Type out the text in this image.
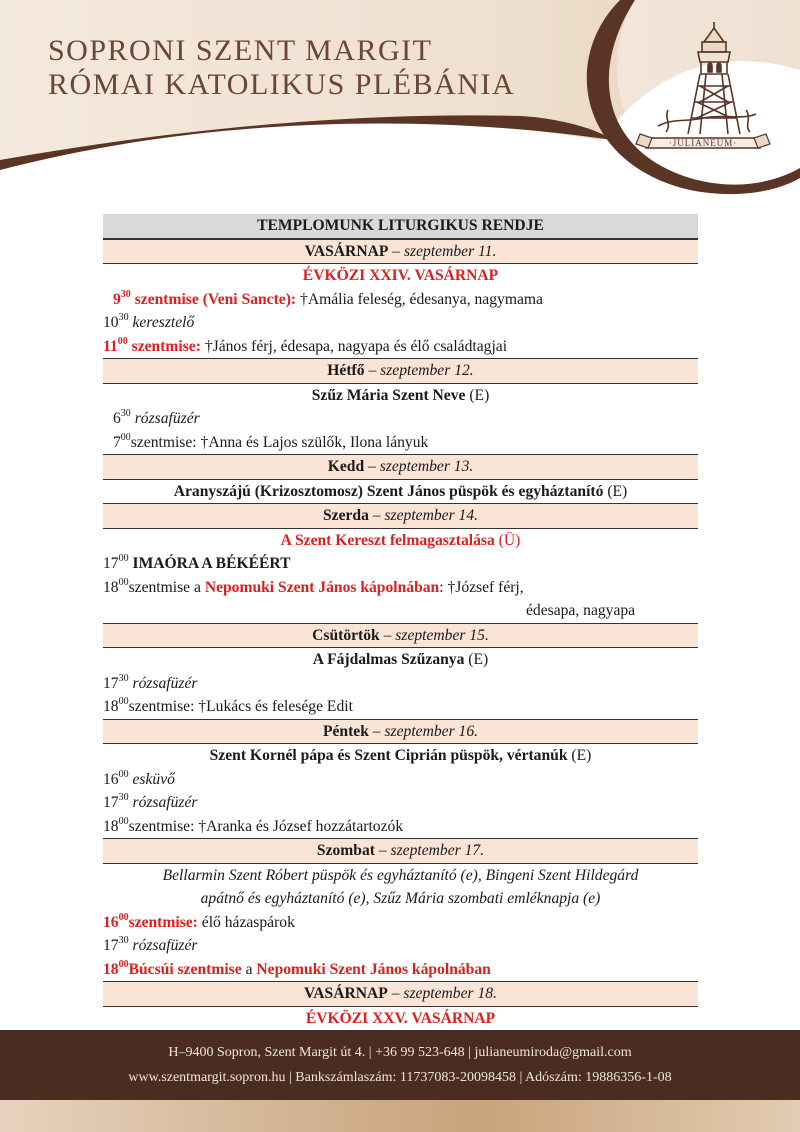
SOPRONI SZENT MARGIT
RÓMAI KATOLIKUS PLÉBÁNIA
·JULIANEUM·
TEMPLOMUNK LITURGIKUS RENDJE
VASÁRNAP – szeptember 11.
ÉVKÖZI XXIV. VASÁRNAP
$9^{30}$ szentmise (Veni Sancte): †Amália feleség, édesanya, nagymama
$10^{30}$ keresztelő
$11^{00}$ szentmise: †János férj, édesapa, nagyapa és élő családtagjai
Hétfő – szeptember 12.
Szűz Mária Szent Neve (E)
$6^{30}$ rózsafüzér
$7^{00}szentmise$: †Anna és Lajos szülők, Ilona lányuk
Kedd – szeptember 13.
Aranyszájú (Krizosztomosz) Szent János püspök és egyháztanító (E)
Szerda – szeptember 14.
A Szent Kereszt felmagasztalása (Ü)
$17^{00}$ IMAÓRA A BÉKÉÉRT
$18^{00}szentmise$ a Nepomuki Szent János kápolnában: †József férj,
édesapa, nagyapa
Csütörtök – szeptember 15.
A Fájdalmas Szűzanya (E)
$17^{30}$ rózsafüzér
$18^{00}szentmise$: †Lukács és felesége Edit
Péntek – szeptember 16.
Szent Kornél pápa és Szent Ciprián püspök, vértanúk (E)
$16^{00}$ esküvő
$17^{30}$ rózsafüzér
$18^{00}szentmise$: †Aranka és József hozzátartozók
Szombat – szeptember 17.
Bellarmin Szent Róbert püspök és egyháztanító (e), Bingeni Szent Hildegárd
apátnő és egyháztanító (e), Szűz Mária szombati emléknapja (e)
$16^{00}szentmise$: élő házaspárok
$17^{30}$ rózsafüzér
$18^{00}Búcsúi$ szentmise a Nepomuki Szent János kápolnában
VASÁRNAP – szeptember 18.
ÉVKÖZI XXV. VASÁRNAP
H–9400 Sopron, Szent Margit út 4. | +36 99 523-648 | julianeumiroda@gmail.com
www.szentmargit.sopron.hu | Bankszámlaszám: 11737083-20098458 | Adószám: 19886356-1-08
